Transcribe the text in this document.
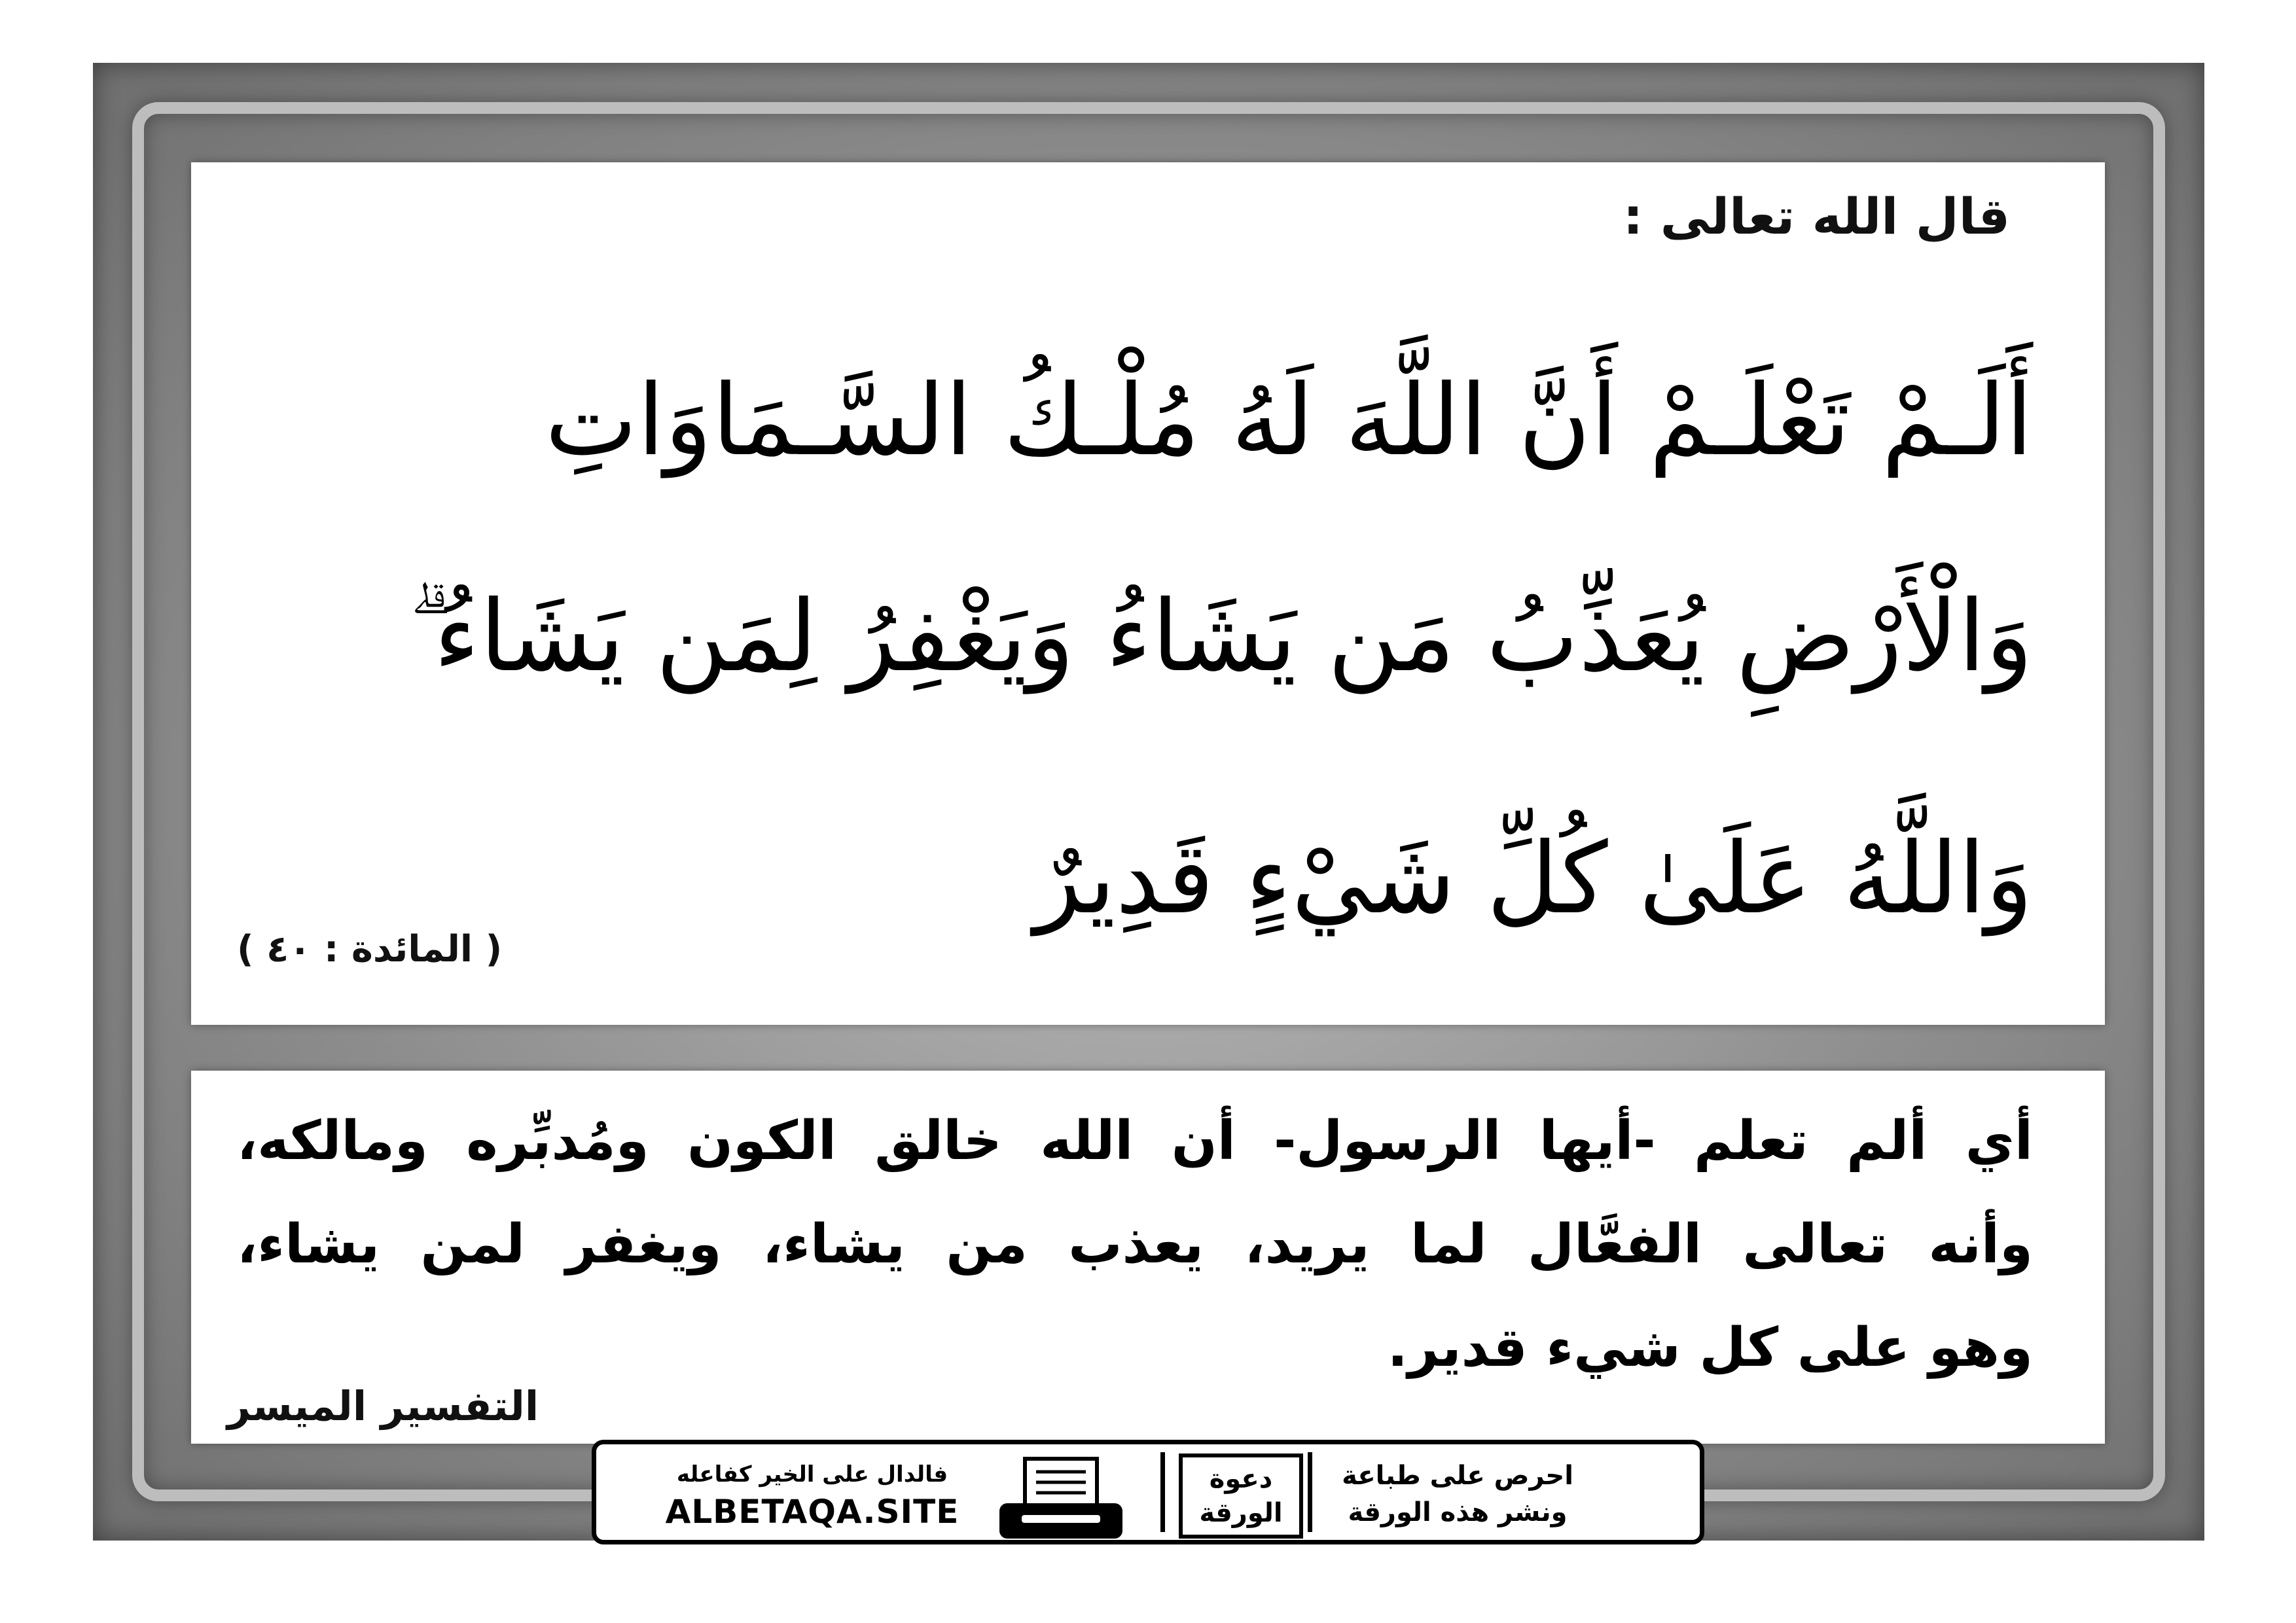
قال الله تعالى :
أَلَـمْ تَعْلَـمْ أَنَّ اللَّهَ لَهُ مُلْـكُ السَّـمَاوَاتِ
وَالْأَرْضِ يُعَذِّبُ مَن يَشَاءُ وَيَغْفِرُ لِمَن يَشَاءُ ۗ
وَاللَّهُ عَلَىٰ كُلِّ شَيْءٍ قَدِيرٌ
( المائدة : ٤٠ )
أي ألم تعلم -أيها الرسول- أن الله خالق الكون ومُدبِّره ومالكه،
وأنه تعالى الفعَّال لما يريد، يعذب من يشاء، ويغفر لمن يشاء،
وهو على كل شيء قدير.
التفسير الميسر
فالدال على الخير كفاعله
ALBETAQA.SITE
دعوة
الورقة
احرص على طباعة
ونشر هذه الورقة
